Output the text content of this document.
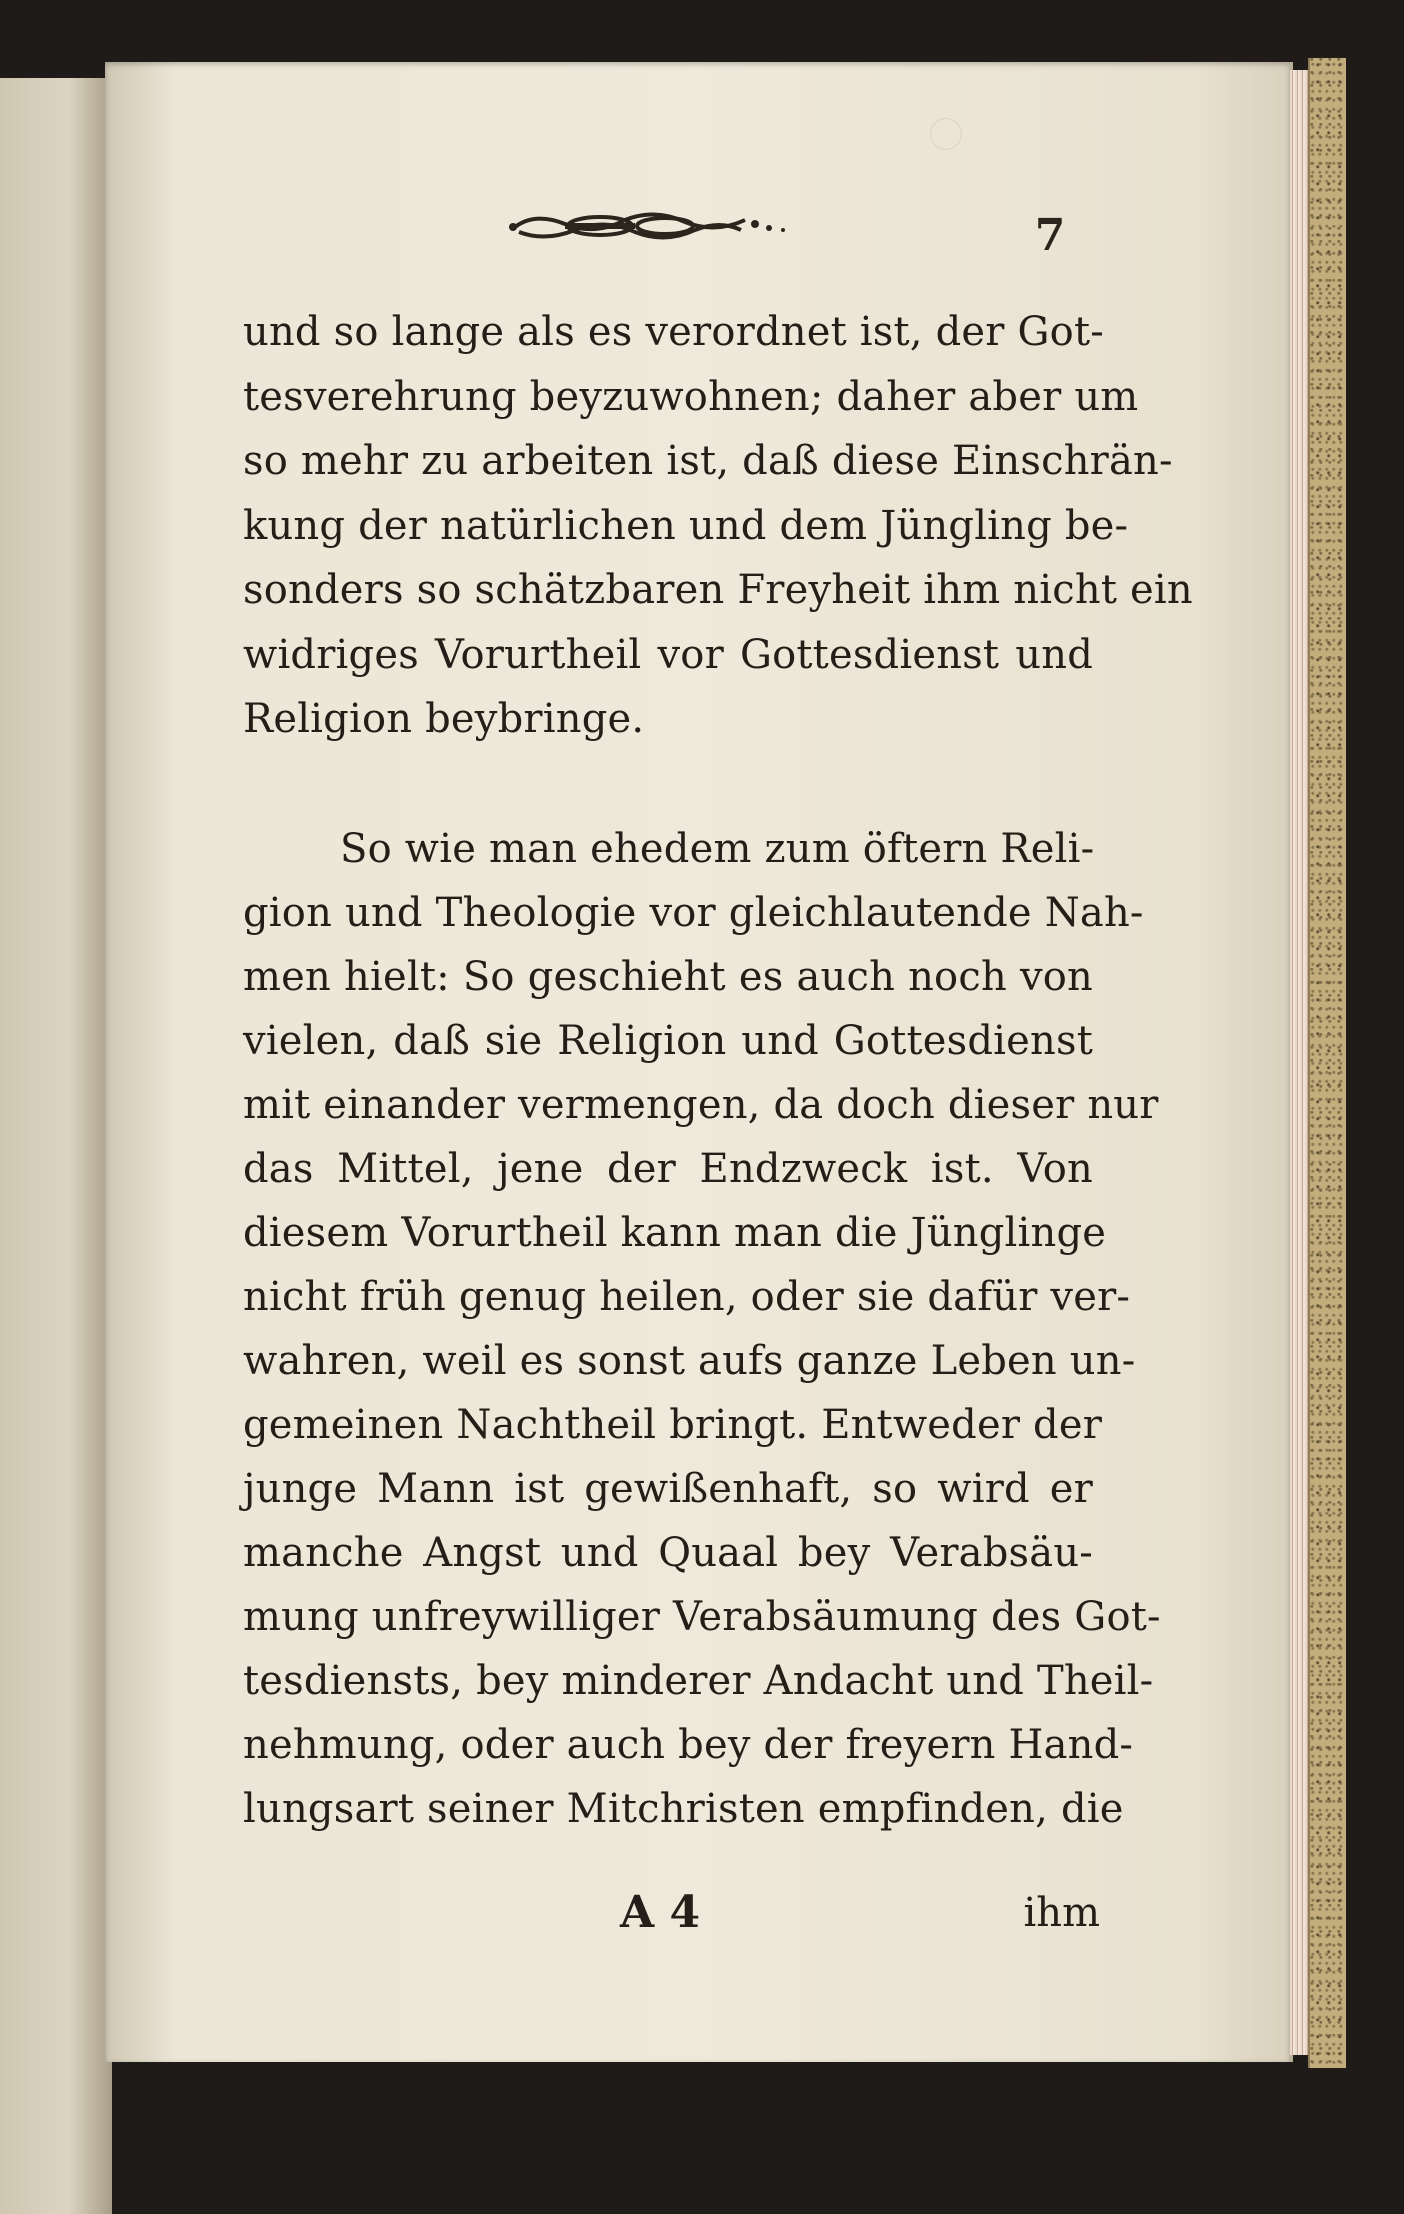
7
und so lange als es verordnet ist, der Got-
tesverehrung beyzuwohnen; daher aber um
so mehr zu arbeiten ist, daß diese Einschrän-
kung der natürlichen und dem Jüngling be-
sonders so schätzbaren Freyheit ihm nicht ein
widriges Vorurtheil vor Gottesdienst und
Religion beybringe.
So wie man ehedem zum öftern Reli-
gion und Theologie vor gleichlautende Nah-
men hielt: So geschieht es auch noch von
vielen, daß sie Religion und Gottesdienst
mit einander vermengen, da doch dieser nur
das Mittel, jene der Endzweck ist. Von
diesem Vorurtheil kann man die Jünglinge
nicht früh genug heilen, oder sie dafür ver-
wahren, weil es sonst aufs ganze Leben un-
gemeinen Nachtheil bringt. Entweder der
junge Mann ist gewißenhaft, so wird er
manche Angst und Quaal bey Verabsäu-
mung unfreywilliger Verabsäumung des Got-
tesdiensts, bey minderer Andacht und Theil-
nehmung, oder auch bey der freyern Hand-
lungsart seiner Mitchristen empfinden, die
A 4	ihm
